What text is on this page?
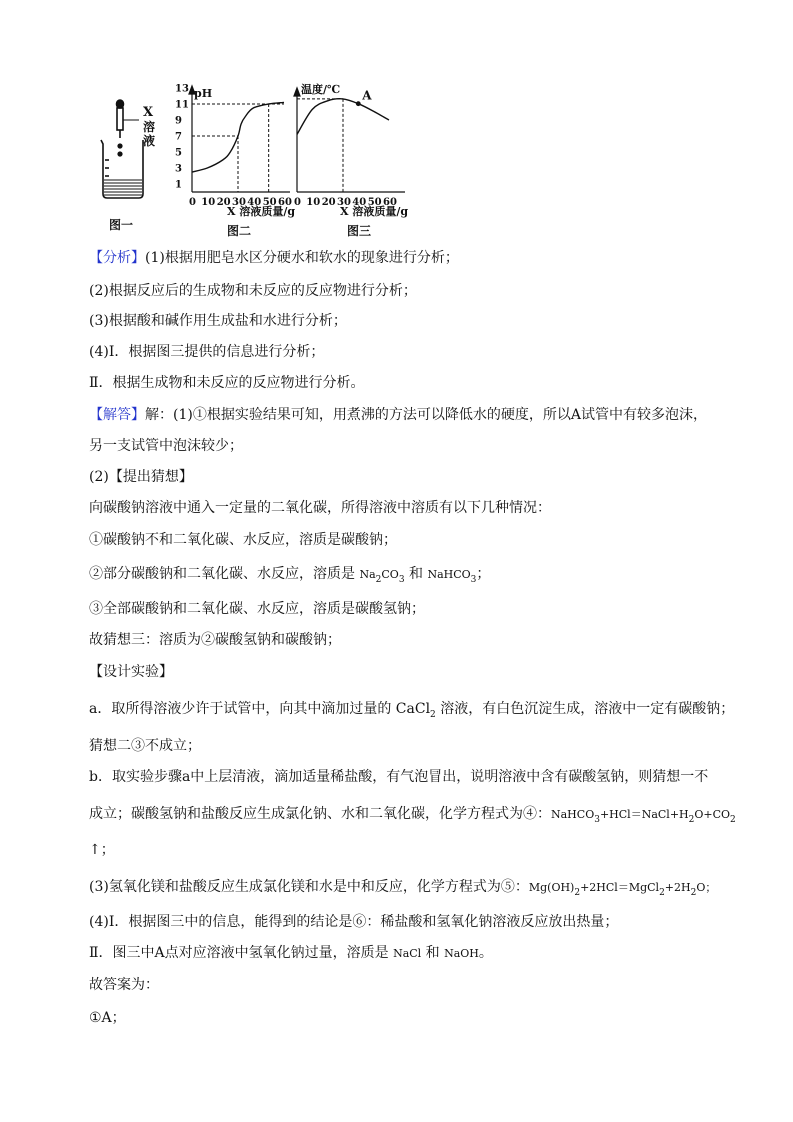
X
溶
液
图一
pH
13
11
9
7
5
3
1
0 10 20 30 40 50 60
X 溶液质量/g
图二
温度/℃
0 10 20 30 40 50 60
A
X 溶液质量/g
图三
【分析】(1)根据用肥皂水区分硬水和软水的现象进行分析；
(2)根据反应后的生成物和未反应的反应物进行分析；
(3)根据酸和碱作用生成盐和水进行分析；
(4)Ⅰ．根据图三提供的信息进行分析；
Ⅱ．根据生成物和未反应的反应物进行分析。
【解答】解：(1)①根据实验结果可知，用煮沸的方法可以降低水的硬度，所以A试管中有较多泡沫，
另一支试管中泡沫较少；
(2)【提出猜想】
向碳酸钠溶液中通入一定量的二氧化碳，所得溶液中溶质有以下几种情况：
①碳酸钠不和二氧化碳、水反应，溶质是碳酸钠；
②部分碳酸钠和二氧化碳、水反应，溶质是 $Na_2CO_3$ 和 NaHCO$_3$；
③全部碳酸钠和二氧化碳、水反应，溶质是碳酸氢钠；
故猜想三：溶质为②碳酸氢钠和碳酸钠；
【设计实验】
a．取所得溶液少许于试管中，向其中滴加过量的 CaCl$_2$ 溶液，有白色沉淀生成，溶液中一定有碳酸钠；
猜想二③不成立；
b．取实验步骤a中上层清液，滴加适量稀盐酸，有气泡冒出，说明溶液中含有碳酸氢钠，则猜想一不
成立；碳酸氢钠和盐酸反应生成氯化钠、水和二氧化碳，化学方程式为④：$NaHCO_3+HCl=NaCl+H_2O+CO_2$
↑；
(3)氢氧化镁和盐酸反应生成氯化镁和水是中和反应，化学方程式为⑤：$Mg(OH)_2+2HCl=MgCl_2+2H_2O$；
(4)Ⅰ．根据图三中的信息，能得到的结论是⑥：稀盐酸和氢氧化钠溶液反应放出热量；
Ⅱ．图三中A点对应溶液中氢氧化钠过量，溶质是 NaCl 和 NaOH。
故答案为：
①A；
